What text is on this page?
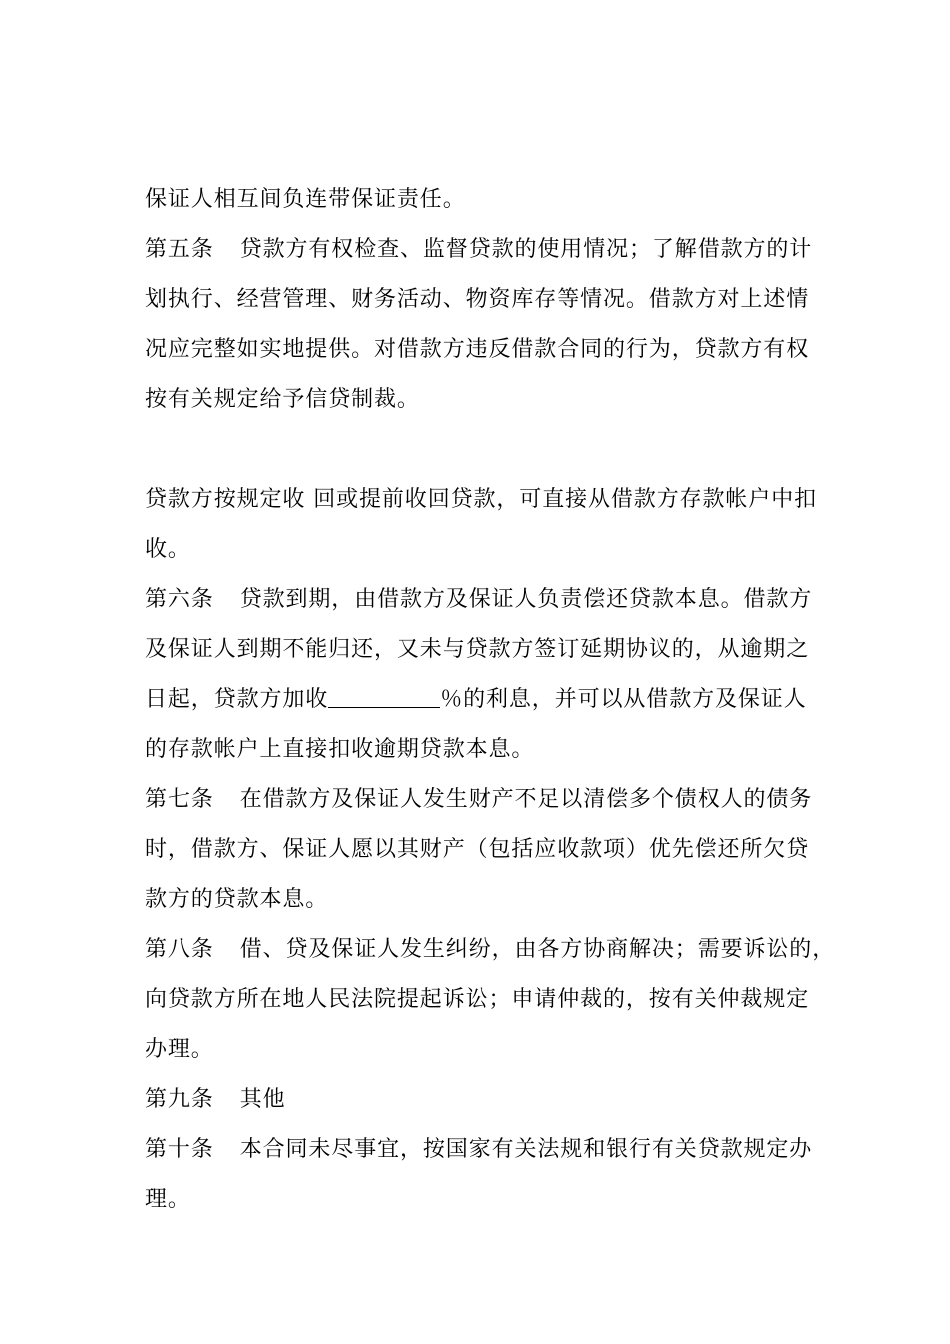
保证人相互间负连带保证责任。
第五条 贷款方有权检查、监督贷款的使用情况；了解借款方的计
划执行、经营管理、财务活动、物资库存等情况。借款方对上述情
况应完整如实地提供。对借款方违反借款合同的行为，贷款方有权
按有关规定给予信贷制裁。
贷款方按规定收 回或提前收回贷款，可直接从借款方存款帐户中扣
收。
第六条 贷款到期，由借款方及保证人负责偿还贷款本息。借款方
及保证人到期不能归还，又未与贷款方签订延期协议的，从逾期之
日起，贷款方加收	％的利息，并可以从借款方及保证人
的存款帐户上直接扣收逾期贷款本息。
第七条 在借款方及保证人发生财产不足以清偿多个债权人的债务
时，借款方、保证人愿以其财产（包括应收款项）优先偿还所欠贷
款方的贷款本息。
第八条 借、贷及保证人发生纠纷，由各方协商解决；需要诉讼的，
向贷款方所在地人民法院提起诉讼；申请仲裁的，按有关仲裁规定
办理。
第九条 其他
第十条 本合同未尽事宜，按国家有关法规和银行有关贷款规定办
理。
